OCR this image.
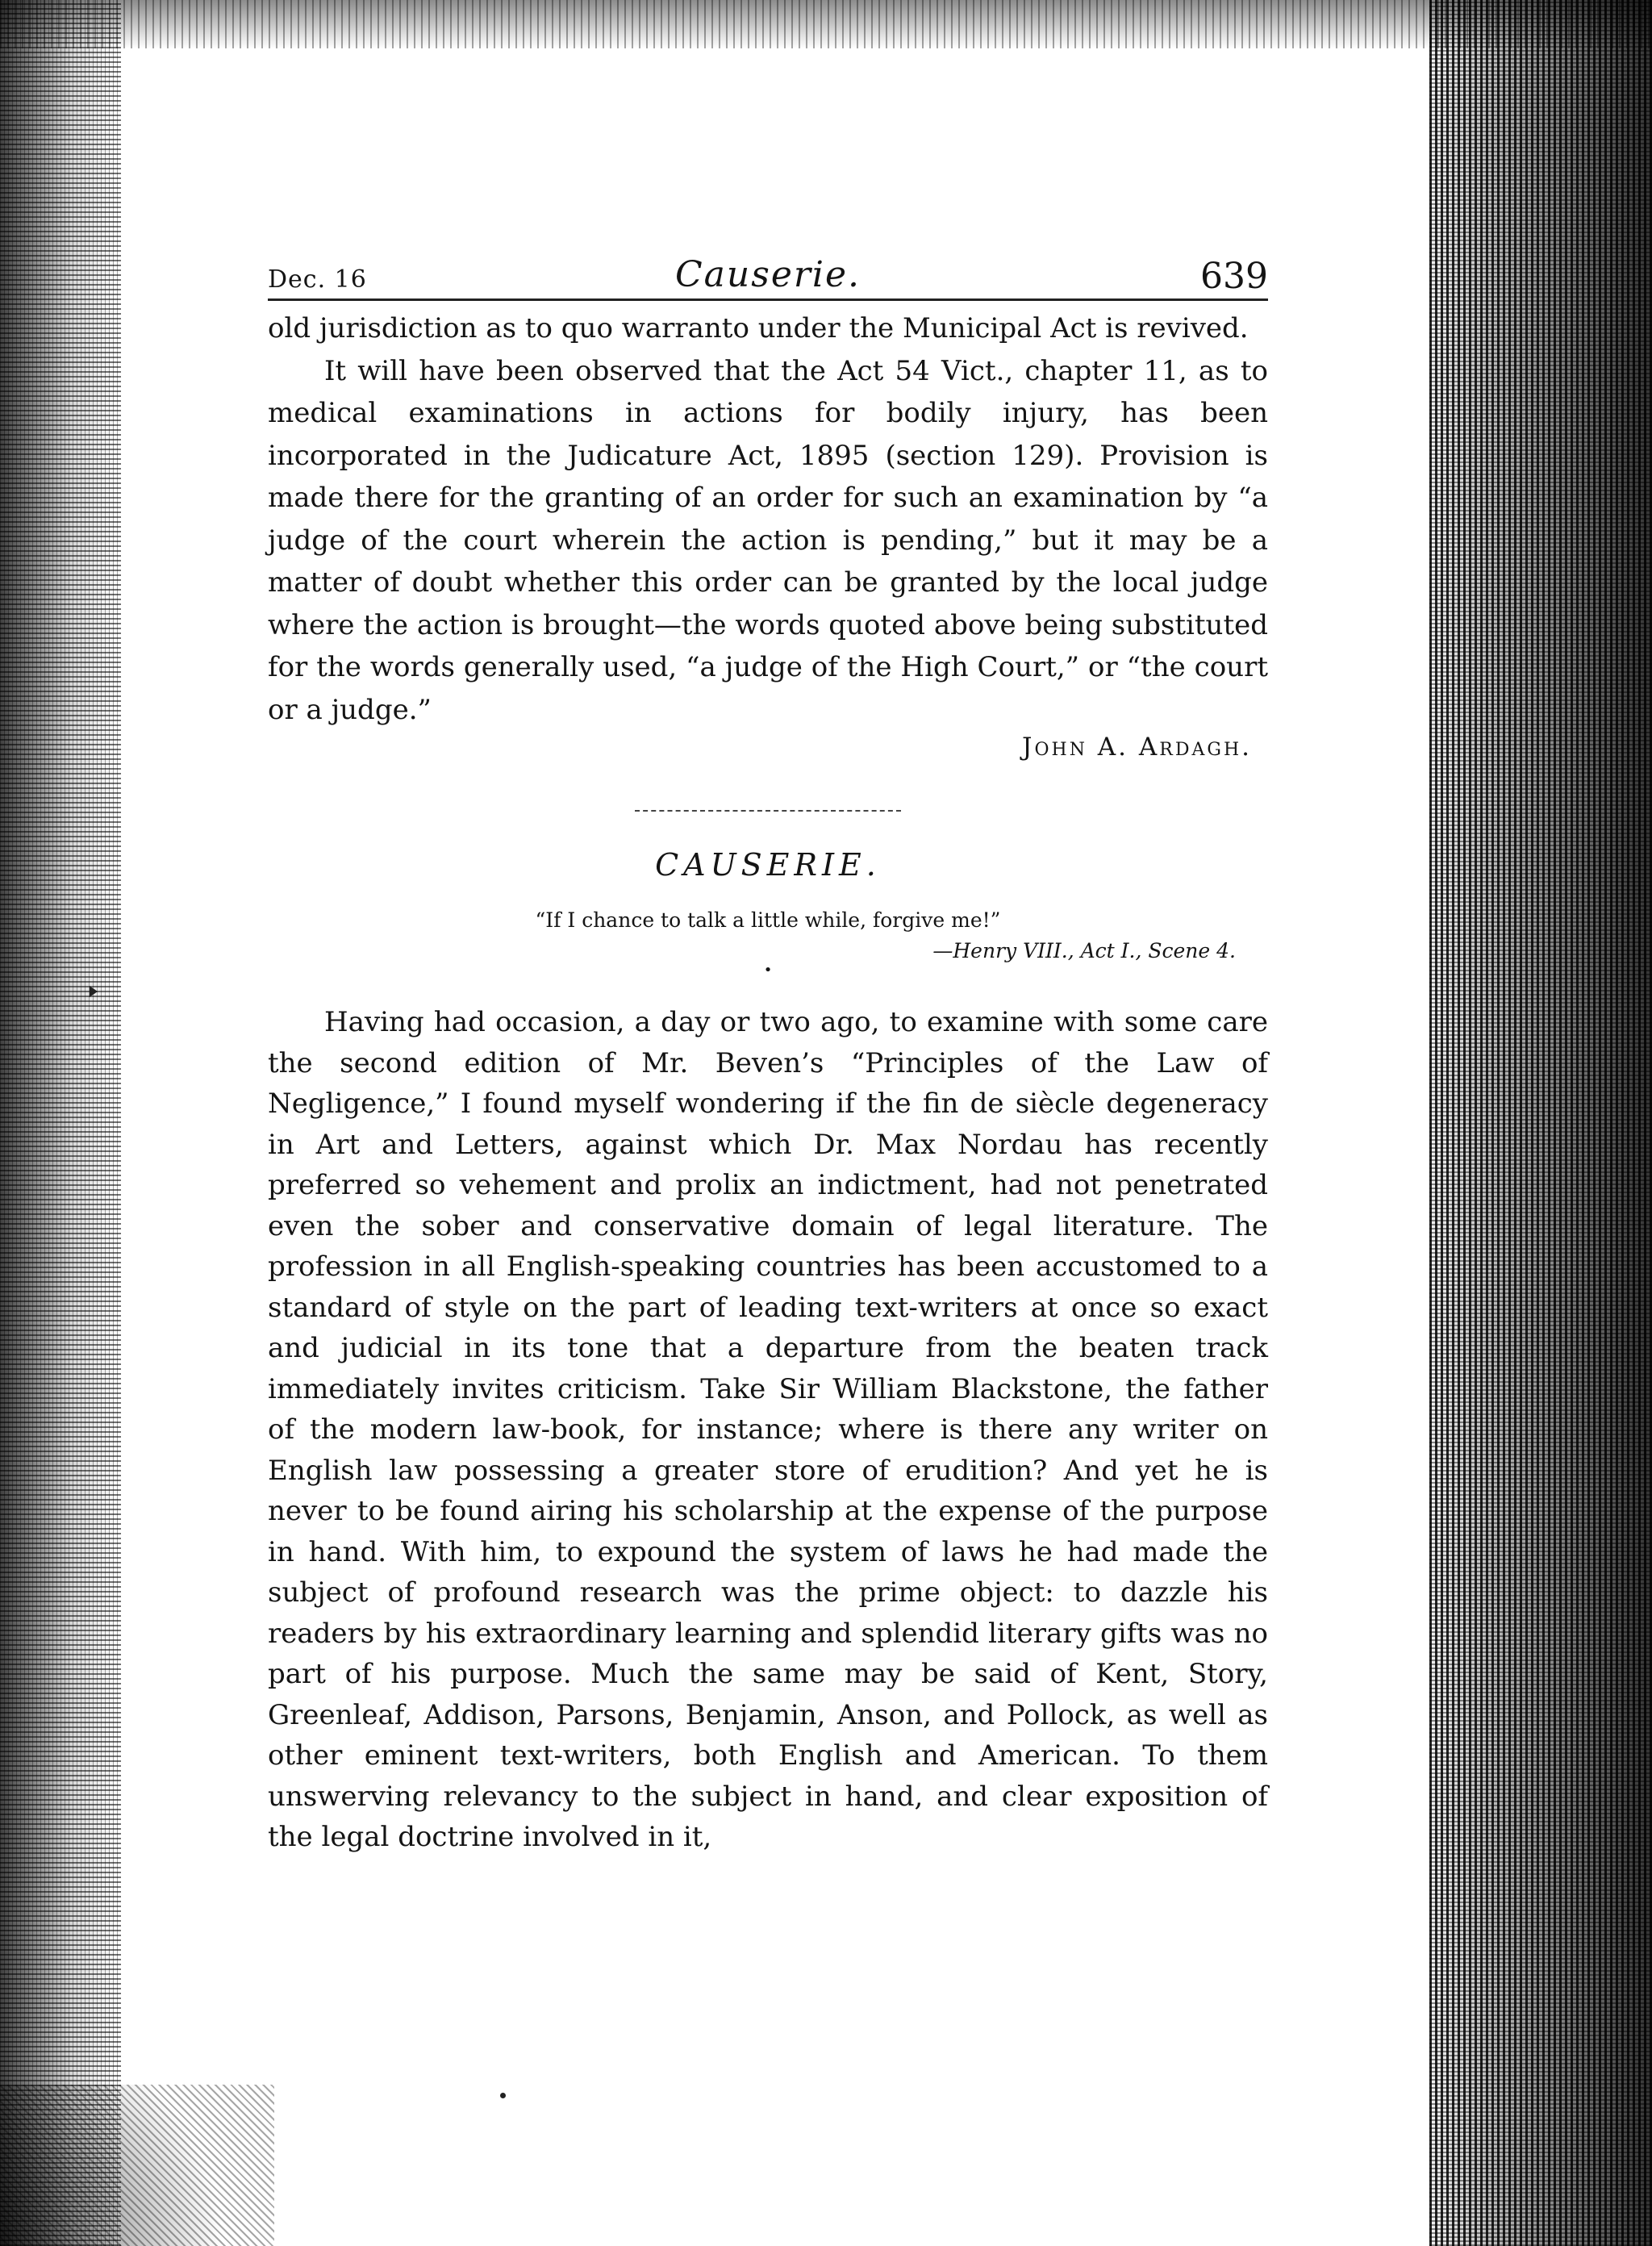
Dec. 16	Causerie.	639

old jurisdiction as to quo warranto under the Municipal Act is revived.

It will have been observed that the Act 54 Vict., chapter 11, as to medical examinations in actions for bodily injury, has been incorporated in the Judicature Act, 1895 (section 129). Provision is made there for the granting of an order for such an examination by “a judge of the court wherein the action is pending,” but it may be a matter of doubt whether this order can be granted by the local judge where the action is brought—the words quoted above being substituted for the words generally used, “a judge of the High Court,” or “the court or a judge.”

John A. Ardagh.
CAUSERIE.
“If I chance to talk a little while, forgive me!”
—Henry VIII., Act I., Scene 4.
•

Having had occasion, a day or two ago, to examine with some care the second edition of Mr. Beven’s “Principles of the Law of Negligence,” I found myself wondering if the fin de siècle degeneracy in Art and Letters, against which Dr. Max Nordau has recently preferred so vehement and prolix an indictment, had not penetrated even the sober and conservative domain of legal literature. The profession in all English-speaking countries has been accustomed to a standard of style on the part of leading text-writers at once so exact and judicial in its tone that a departure from the beaten track immediately invites criticism. Take Sir William Blackstone, the father of the modern law-book, for instance; where is there any writer on English law possessing a greater store of erudition? And yet he is never to be found airing his scholarship at the expense of the purpose in hand. With him, to expound the system of laws he had made the subject of profound research was the prime object: to dazzle his readers by his extraordinary learning and splendid literary gifts was no part of his purpose. Much the same may be said of Kent, Story, Greenleaf, Addison, Parsons, Benjamin, Anson, and Pollock, as well as other eminent text-writers, both English and American. To them unswerving relevancy to the subject in hand, and clear exposition of the legal doctrine involved in it,
